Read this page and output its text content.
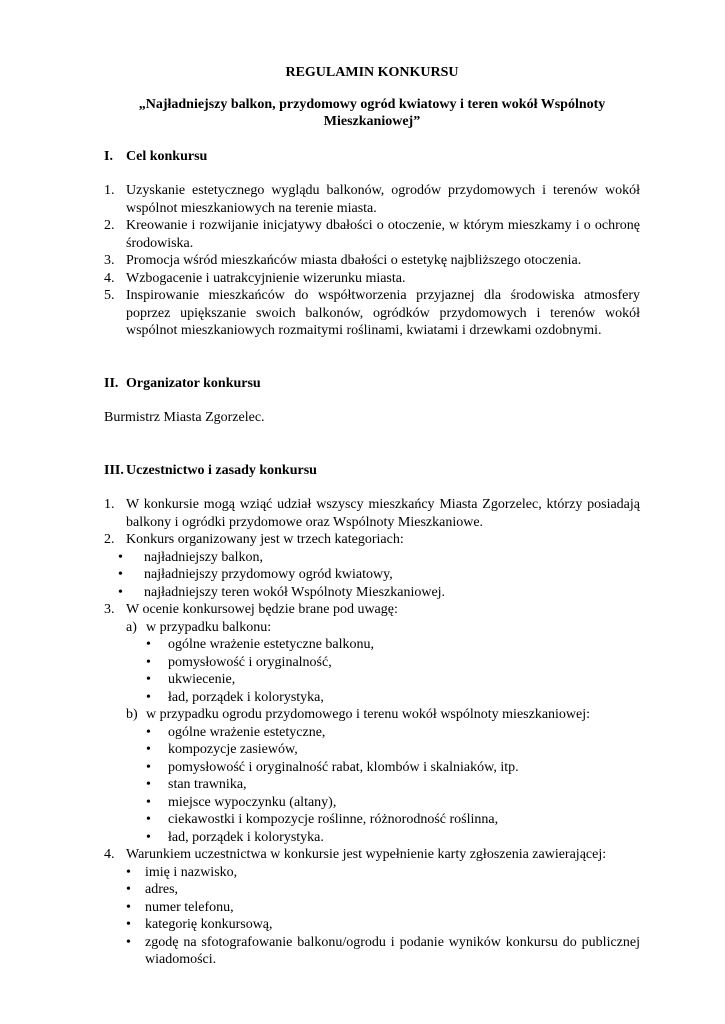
REGULAMIN KONKURSU

„Najładniejszy balkon, przydomowy ogród kwiatowy i teren wokół Wspólnoty Mieszkaniowej”

I. Cel konkursu
1. Uzyskanie estetycznego wyglądu balkonów, ogrodów przydomowych i terenów wokół wspólnot mieszkaniowych na terenie miasta.
2. Kreowanie i rozwijanie inicjatywy dbałości o otoczenie, w którym mieszkamy i o ochronę środowiska.
3. Promocja wśród mieszkańców miasta dbałości o estetykę najbliższego otoczenia.
4. Wzbogacenie i uatrakcyjnienie wizerunku miasta.
5. Inspirowanie mieszkańców do współtworzenia przyjaznej dla środowiska atmosfery poprzez upiększanie swoich balkonów, ogródków przydomowych i terenów wokół wspólnot mieszkaniowych rozmaitymi roślinami, kwiatami i drzewkami ozdobnymi.
II. Organizator konkursu

Burmistrz Miasta Zgorzelec.

III. Uczestnictwo i zasady konkursu
1. W konkursie mogą wziąć udział wszyscy mieszkańcy Miasta Zgorzelec, którzy posiadają balkony i ogródki przydomowe oraz Wspólnoty Mieszkaniowe.
2. Konkurs organizowany jest w trzech kategoriach:
•	najładniejszy balkon,
•	najładniejszy przydomowy ogród kwiatowy,
•	najładniejszy teren wokół Wspólnoty Mieszkaniowej.
3. W ocenie konkursowej będzie brane pod uwagę:
a) w przypadku balkonu:
•	ogólne wrażenie estetyczne balkonu,
•	pomysłowość i oryginalność,
•	ukwiecenie,
•	ład, porządek i kolorystyka,
b) w przypadku ogrodu przydomowego i terenu wokół wspólnoty mieszkaniowej:
•	ogólne wrażenie estetyczne,
•	kompozycje zasiewów,
•	pomysłowość i oryginalność rabat, klombów i skalniaków, itp.
•	stan trawnika,
•	miejsce wypoczynku (altany),
•	ciekawostki i kompozycje roślinne, różnorodność roślinna,
•	ład, porządek i kolorystyka.
4. Warunkiem uczestnictwa w konkursie jest wypełnienie karty zgłoszenia zawierającej:
•	imię i nazwisko,
•	adres,
•	numer telefonu,
•	kategorię konkursową,
•	zgodę na sfotografowanie balkonu/ogrodu i podanie wyników konkursu do publicznej wiadomości.
